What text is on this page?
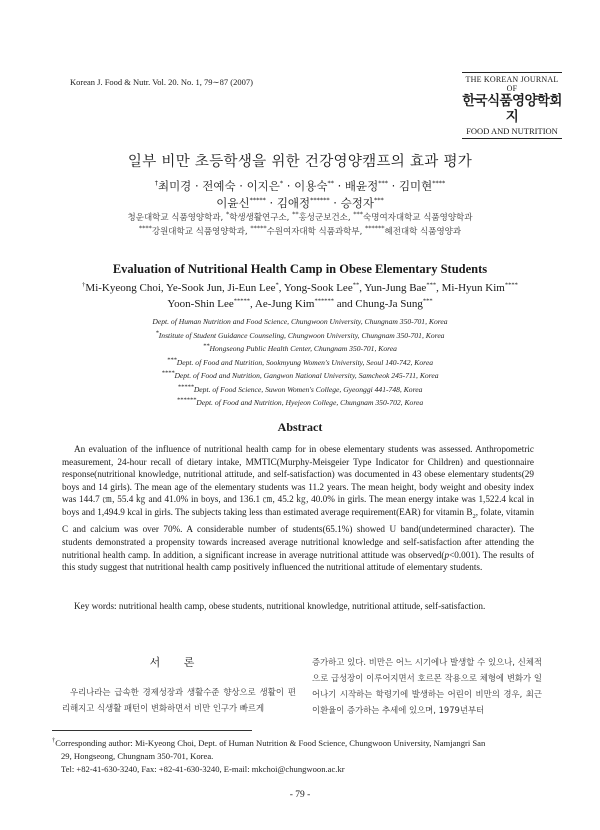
Korean J. Food & Nutr. Vol. 20. No. 1, 79∼87 (2007)	THE KOREAN JOURNAL OF
한국식품영양학회지
FOOD AND NUTRITION
일부 비만 초등학생을 위한 건강영양캠프의 효과 평가
†최미경 · 전예숙 · 이지은* · 이용숙** · 배윤정*** · 김미현****
이윤신***** · 김애정****** · 승정자***
청운대학교 식품영양학과, *학생생활연구소, **홍성군보건소, ***숙명여자대학교 식품영양학과
****강원대학교 식품영양학과, *****수원여자대학 식품과학부, ******혜전대학 식품영양과
Evaluation of Nutritional Health Camp in Obese Elementary Students
†Mi-Kyeong Choi, Ye-Sook Jun, Ji-Eun Lee*, Yong-Sook Lee**, Yun-Jung Bae***, Mi-Hyun Kim****
Yoon-Shin Lee*****, Ae-Jung Kim****** and Chung-Ja Sung***
Dept. of Human Nutrition and Food Science, Chungwoon University, Chungnam 350-701, Korea
*Institute of Student Guidance Counseling, Chungwoon University, Chungnam 350-701, Korea
**Hongseong Public Health Center, Chungnam 350-701, Korea
***Dept. of Food and Nutrition, Sookmyung Women's University, Seoul 140-742, Korea
****Dept. of Food and Nutrition, Gangwon National University, Samcheok 245-711, Korea
*****Dept. of Food Science, Suwon Women's College, Gyeonggi 441-748, Korea
******Dept. of Food and Nutrition, Hyejeon College, Chungnam 350-702, Korea
Abstract

An evaluation of the influence of nutritional health camp for in obese elementary students was assessed. Anthropometric measurement, 24-hour recall of dietary intake, MMTIC(Murphy-Meisgeier Type Indicator for Children) and questionnaire response(nutritional knowledge, nutritional attitude, and self-satisfaction) was documented in 43 obese elementary students(29 boys and 14 girls). The mean age of the elementary students was 11.2 years. The mean height, body weight and obesity index was 144.7 ㎝, 55.4 ㎏ and 41.0% in boys, and 136.1 ㎝, 45.2 ㎏, 40.0% in girls. The mean energy intake was 1,522.4 kcal in boys and 1,494.9 kcal in girls. The subjects taking less than estimated average requirement(EAR) for vitamin $B_2$, folate, vitamin C and calcium was over 70%. A considerable number of students(65.1%) showed U band(undetermined character). The students demonstrated a propensity towards increased average nutritional knowledge and self-satisfaction after attending the nutritional health camp. In addition, a significant increase in average nutritional attitude was observed(p<0.001). The results of this study suggest that nutritional health camp positively influenced the nutritional attitude of elementary students.

Key words: nutritional health camp, obese students, nutritional knowledge, nutritional attitude, self-satisfaction.
서 론

우리나라는 급속한 경제성장과 생활수준 향상으로 생활이 편리해지고 식생활 패턴이 변화하면서 비만 인구가 빠르게

증가하고 있다. 비만은 어느 시기에나 발생할 수 있으나, 신체적으로 급성장이 이루어지면서 호르몬 작용으로 체형에 변화가 일어나기 시작하는 학령기에 발생하는 어린이 비만의 경우, 최근 이환율이 증가하는 추세에 있으며, 1979년부터
†Corresponding author: Mi-Kyeong Choi, Dept. of Human Nutrition & Food Science, Chungwoon University, Namjangri San
29, Hongseong, Chungnam 350-701, Korea.
Tel: +82-41-630-3240, Fax: +82-41-630-3240, E-mail: mkchoi@chungwoon.ac.kr
- 79 -
